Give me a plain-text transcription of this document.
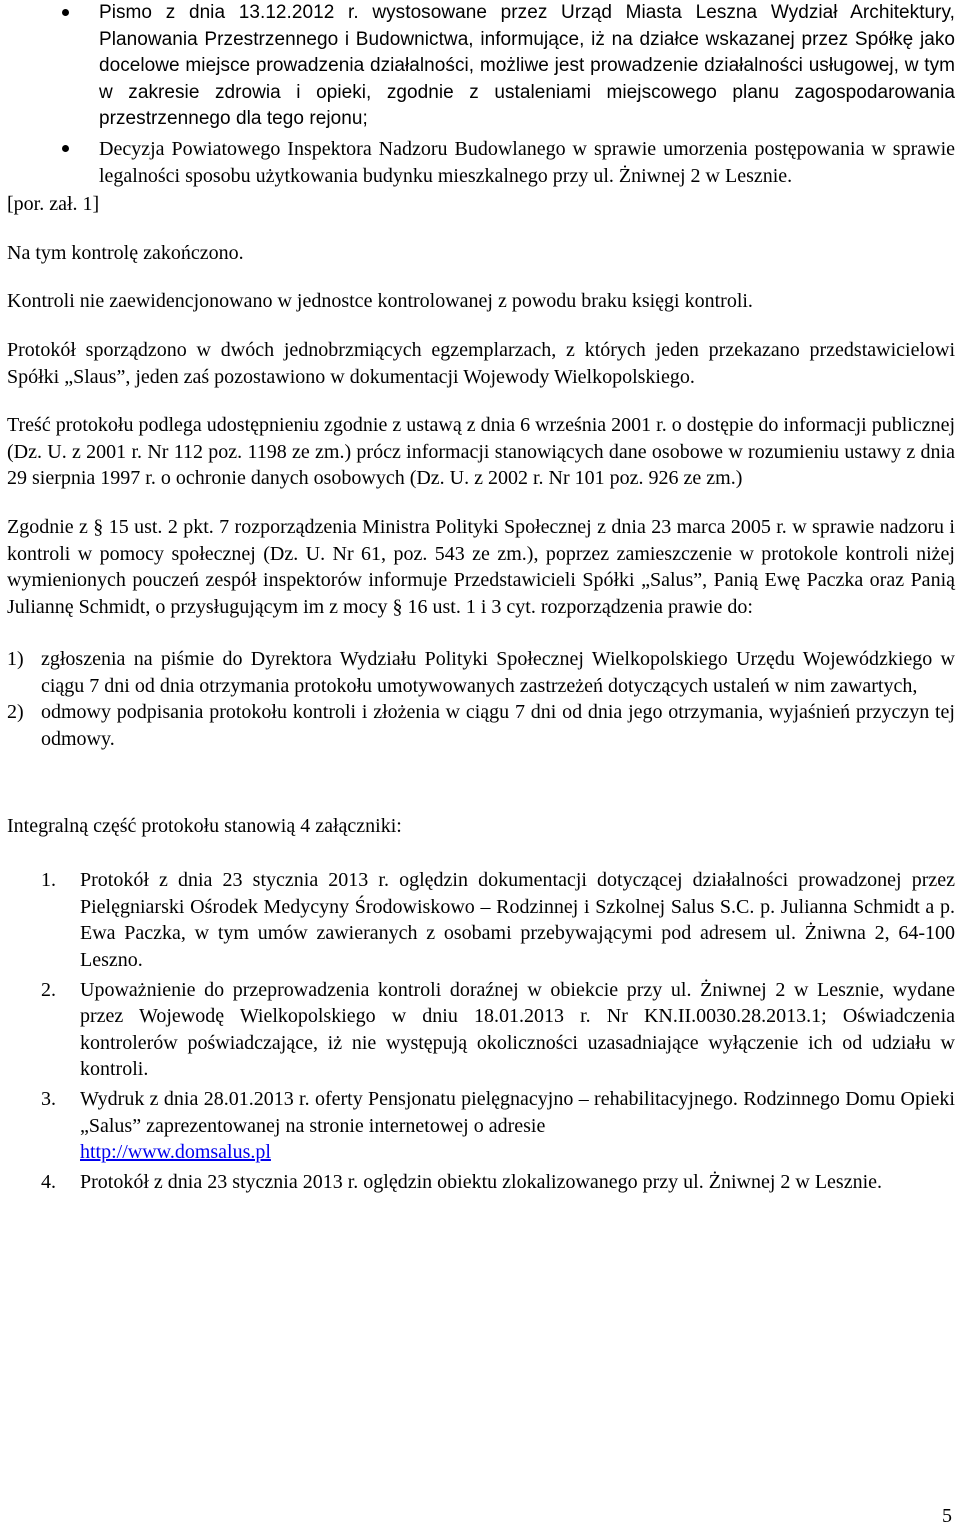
Pismo z dnia 13.12.2012 r. wystosowane przez Urząd Miasta Leszna Wydział Architektury, Planowania Przestrzennego i Budownictwa, informujące, iż na działce wskazanej przez Spółkę jako docelowe miejsce prowadzenia działalności, możliwe jest prowadzenie działalności usługowej, w tym w zakresie zdrowia i opieki, zgodnie z ustaleniami miejscowego planu zagospodarowania przestrzennego dla tego rejonu;
Decyzja Powiatowego Inspektora Nadzoru Budowlanego w sprawie umorzenia postępowania w sprawie legalności sposobu użytkowania budynku mieszkalnego przy ul. Żniwnej 2 w Lesznie.

[por. zał. 1]

Na tym kontrolę zakończono.

Kontroli nie zaewidencjonowano w jednostce kontrolowanej z powodu braku księgi kontroli.

Protokół sporządzono w dwóch jednobrzmiących egzemplarzach, z których jeden przekazano przedstawicielowi Spółki „Slaus”, jeden zaś pozostawiono w dokumentacji Wojewody Wielkopolskiego.

Treść protokołu podlega udostępnieniu zgodnie z ustawą z dnia 6 września 2001 r. o dostępie do informacji publicznej (Dz. U. z 2001 r. Nr 112 poz. 1198 ze zm.) prócz informacji stanowiących dane osobowe w rozumieniu ustawy z dnia 29 sierpnia 1997 r. o ochronie danych osobowych (Dz. U. z 2002 r. Nr 101 poz. 926 ze zm.)

Zgodnie z § 15 ust. 2 pkt. 7 rozporządzenia Ministra Polityki Społecznej z dnia 23 marca 2005 r. w sprawie nadzoru i kontroli w pomocy społecznej (Dz. U. Nr 61, poz. 543 ze zm.), poprzez zamieszczenie w protokole kontroli niżej wymienionych pouczeń zespół inspektorów informuje Przedstawicieli Spółki „Salus”, Panią Ewę Paczka oraz Panią Juliannę Schmidt, o przysługującym im z mocy § 16 ust. 1 i 3 cyt. rozporządzenia prawie do:

1) zgłoszenia na piśmie do Dyrektora Wydziału Polityki Społecznej Wielkopolskiego Urzędu Wojewódzkiego w ciągu 7 dni od dnia otrzymania protokołu umotywowanych zastrzeżeń dotyczących ustaleń w nim zawartych,
2) odmowy podpisania protokołu kontroli i złożenia w ciągu 7 dni od dnia jego otrzymania, wyjaśnień przyczyn tej odmowy.

Integralną część protokołu stanowią 4 załączniki:

1. Protokół z dnia 23 stycznia 2013 r. oględzin dokumentacji dotyczącej działalności prowadzonej przez Pielęgniarski Ośrodek Medycyny Środowiskowo – Rodzinnej i Szkolnej Salus S.C. p. Julianna Schmidt a p. Ewa Paczka, w tym umów zawieranych z osobami przebywającymi pod adresem ul. Żniwna 2, 64-100 Leszno.
2. Upoważnienie do przeprowadzenia kontroli doraźnej w obiekcie przy ul. Żniwnej 2 w Lesznie, wydane przez Wojewodę Wielkopolskiego w dniu 18.01.2013 r. Nr KN.II.0030.28.2013.1; Oświadczenia kontrolerów poświadczające, iż nie występują okoliczności uzasadniające wyłączenie ich od udziału w kontroli.
3. Wydruk z dnia 28.01.2013 r. oferty Pensjonatu pielęgnacyjno – rehabilitacyjnego. Rodzinnego Domu Opieki „Salus” zaprezentowanej na stronie internetowej o adresie
http://www.domsalus.pl
4. Protokół z dnia 23 stycznia 2013 r. oględzin obiektu zlokalizowanego przy ul. Żniwnej 2 w Lesznie.
5
